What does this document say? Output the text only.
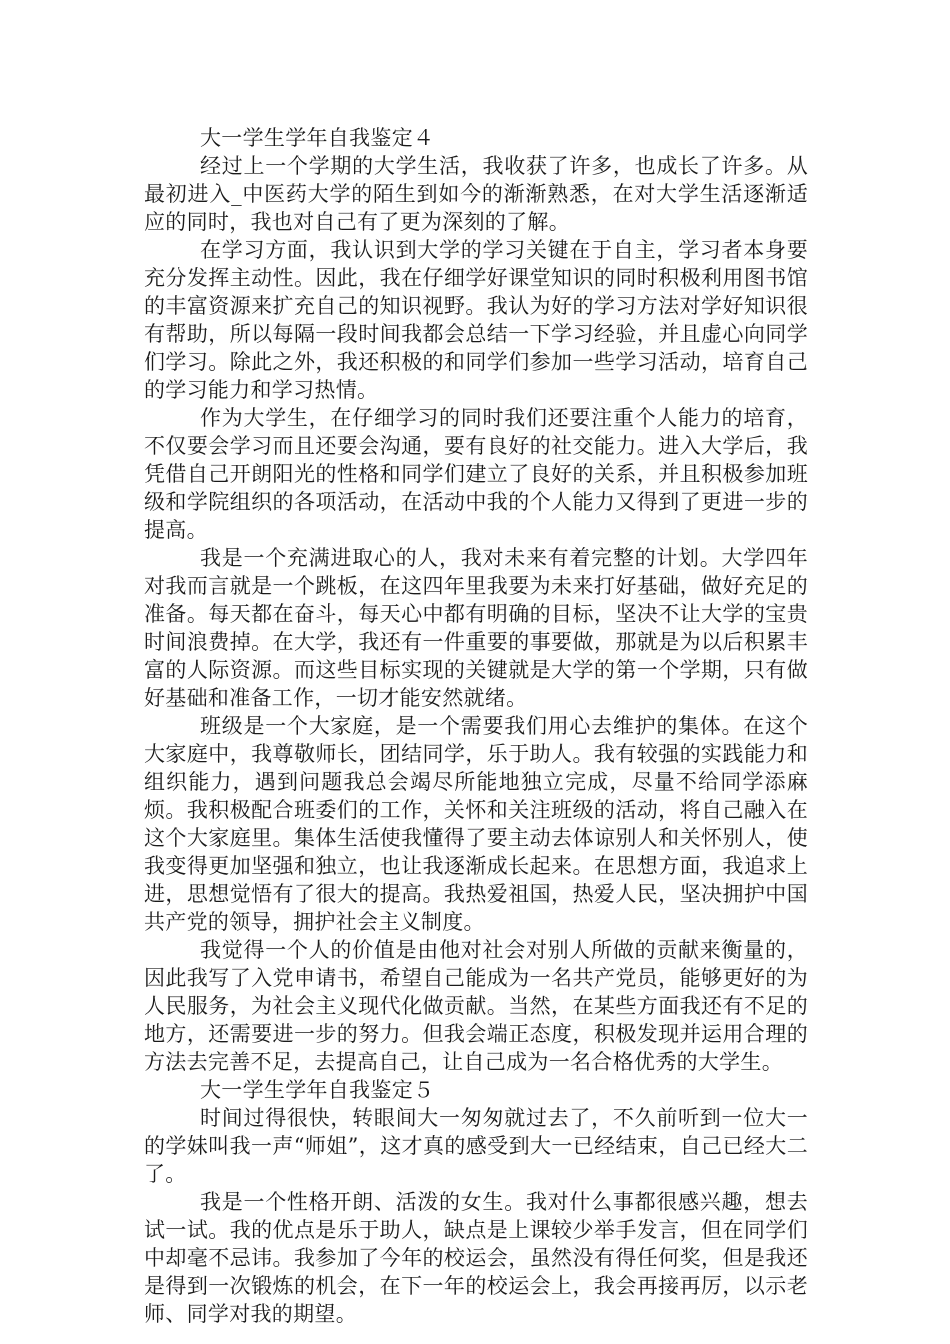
大一学生学年自我鉴定４

经过上一个学期的大学生活，我收获了许多，也成长了许多。从最初进入_中医药大学的陌生到如今的渐渐熟悉，在对大学生活逐渐适应的同时，我也对自己有了更为深刻的了解。

在学习方面，我认识到大学的学习关键在于自主，学习者本身要充分发挥主动性。因此，我在仔细学好课堂知识的同时积极利用图书馆的丰富资源来扩充自己的知识视野。我认为好的学习方法对学好知识很有帮助，所以每隔一段时间我都会总结一下学习经验，并且虚心向同学们学习。除此之外，我还积极的和同学们参加一些学习活动，培育自己的学习能力和学习热情。

作为大学生，在仔细学习的同时我们还要注重个人能力的培育，不仅要会学习而且还要会沟通，要有良好的社交能力。进入大学后，我凭借自己开朗阳光的性格和同学们建立了良好的关系，并且积极参加班级和学院组织的各项活动，在活动中我的个人能力又得到了更进一步的提高。

我是一个充满进取心的人，我对未来有着完整的计划。大学四年对我而言就是一个跳板，在这四年里我要为未来打好基础，做好充足的准备。每天都在奋斗，每天心中都有明确的目标，坚决不让大学的宝贵时间浪费掉。在大学，我还有一件重要的事要做，那就是为以后积累丰富的人际资源。而这些目标实现的关键就是大学的第一个学期，只有做好基础和准备工作，一切才能安然就绪。

班级是一个大家庭，是一个需要我们用心去维护的集体。在这个大家庭中，我尊敬师长，团结同学，乐于助人。我有较强的实践能力和组织能力，遇到问题我总会竭尽所能地独立完成，尽量不给同学添麻烦。我积极配合班委们的工作，关怀和关注班级的活动，将自己融入在这个大家庭里。集体生活使我懂得了要主动去体谅别人和关怀别人，使我变得更加坚强和独立，也让我逐渐成长起来。在思想方面，我追求上进，思想觉悟有了很大的提高。我热爱祖国，热爱人民，坚决拥护中国共产党的领导，拥护社会主义制度。

我觉得一个人的价值是由他对社会对别人所做的贡献来衡量的，因此我写了入党申请书，希望自己能成为一名共产党员，能够更好的为人民服务，为社会主义现代化做贡献。当然，在某些方面我还有不足的地方，还需要进一步的努力。但我会端正态度，积极发现并运用合理的方法去完善不足，去提高自己，让自己成为一名合格优秀的大学生。

大一学生学年自我鉴定５

时间过得很快，转眼间大一匆匆就过去了，不久前听到一位大一的学妹叫我一声“师姐”，这才真的感受到大一已经结束，自己已经大二了。

我是一个性格开朗、活泼的女生。我对什么事都很感兴趣，想去试一试。我的优点是乐于助人，缺点是上课较少举手发言，但在同学们中却毫不忌讳。我参加了今年的校运会，虽然没有得任何奖，但是我还是得到一次锻炼的机会，在下一年的校运会上，我会再接再厉，以示老师、同学对我的期望。
